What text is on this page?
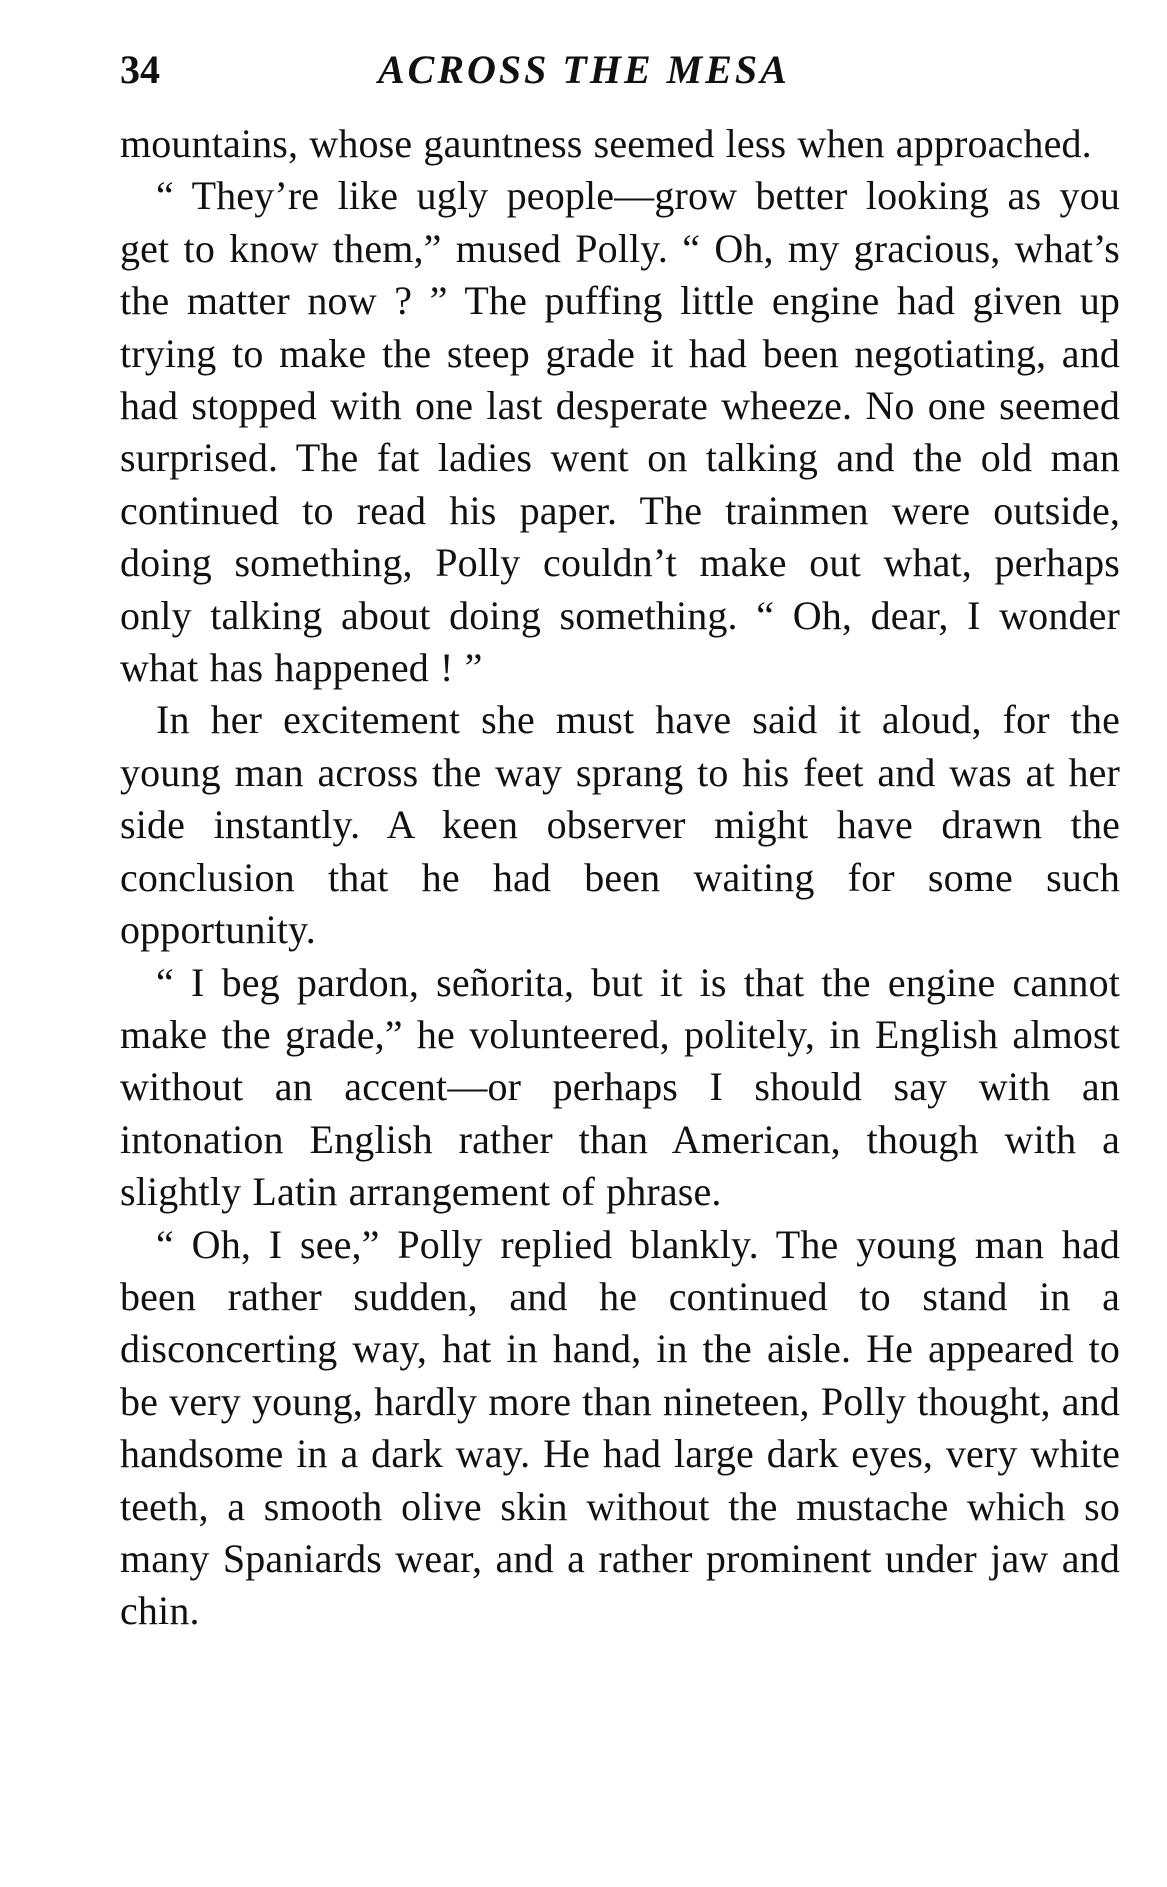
34	ACROSS THE MESA

mountains, whose gauntness seemed less when approached.

“ They’re like ugly people—grow better looking as you get to know them,” mused Polly. “ Oh, my gracious, what’s the matter now ? ” The puffing little engine had given up trying to make the steep grade it had been negotiating, and had stopped with one last desperate wheeze. No one seemed surprised. The fat ladies went on talking and the old man continued to read his paper. The trainmen were outside, doing something, Polly couldn’t make out what, perhaps only talking about doing something. “ Oh, dear, I wonder what has happened ! ”

In her excitement she must have said it aloud, for the young man across the way sprang to his feet and was at her side instantly. A keen observer might have drawn the conclusion that he had been waiting for some such opportunity.

“ I beg pardon, señorita, but it is that the engine cannot make the grade,” he volunteered, politely, in English almost without an accent—or perhaps I should say with an intonation English rather than American, though with a slightly Latin arrangement of phrase.

“ Oh, I see,” Polly replied blankly. The young man had been rather sudden, and he continued to stand in a disconcerting way, hat in hand, in the aisle. He appeared to be very young, hardly more than nineteen, Polly thought, and handsome in a dark way. He had large dark eyes, very white teeth, a smooth olive skin without the mustache which so many Spaniards wear, and a rather prominent under jaw and chin.
